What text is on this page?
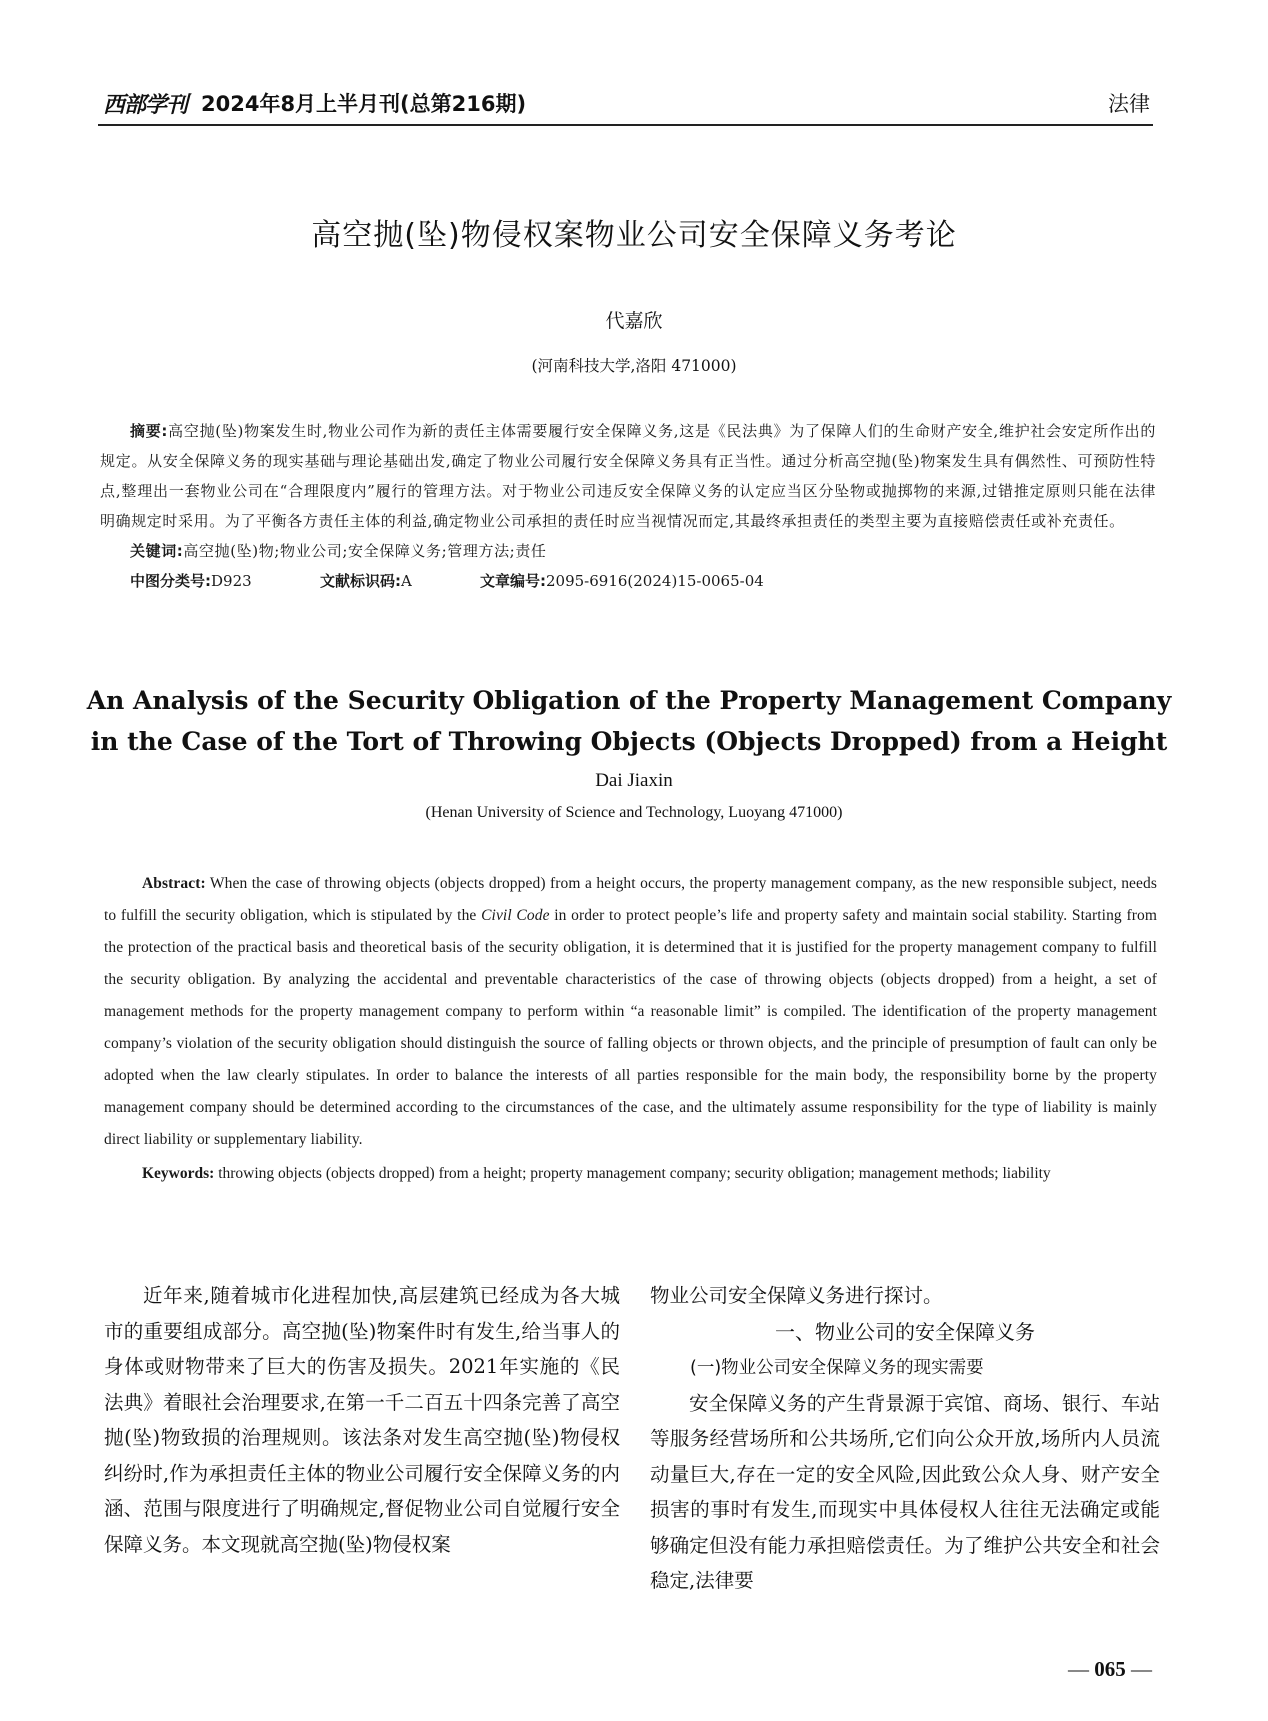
西部学刊 2024年8月上半月刊(总第216期)	法律
高空抛(坠)物侵权案物业公司安全保障义务考论
代嘉欣
(河南科技大学,洛阳 471000)

摘要:高空抛(坠)物案发生时,物业公司作为新的责任主体需要履行安全保障义务,这是《民法典》为了保障人们的生命财产安全,维护社会安定所作出的规定。从安全保障义务的现实基础与理论基础出发,确定了物业公司履行安全保障义务具有正当性。通过分析高空抛(坠)物案发生具有偶然性、可预防性特点,整理出一套物业公司在“合理限度内”履行的管理方法。对于物业公司违反安全保障义务的认定应当区分坠物或抛掷物的来源,过错推定原则只能在法律明确规定时采用。为了平衡各方责任主体的利益,确定物业公司承担的责任时应当视情况而定,其最终承担责任的类型主要为直接赔偿责任或补充责任。

关键词:高空抛(坠)物;物业公司;安全保障义务;管理方法;责任

中图分类号:D923	文献标识码:A	文章编号:2095-6916(2024)15-0065-04

An Analysis of the Security Obligation of the Property Management Company
in the Case of the Tort of Throwing Objects (Objects Dropped) from a Height
Dai Jiaxin
(Henan University of Science and Technology, Luoyang 471000)

Abstract: When the case of throwing objects (objects dropped) from a height occurs, the property management company, as the new responsible subject, needs to fulfill the security obligation, which is stipulated by the Civil Code in order to protect people’s life and property safety and maintain social stability. Starting from the protection of the practical basis and theoretical basis of the security obligation, it is determined that it is justified for the property management company to fulfill the security obligation. By analyzing the accidental and preventable characteristics of the case of throwing objects (objects dropped) from a height, a set of management methods for the property management company to perform within “a reasonable limit” is compiled. The identification of the property management company’s violation of the security obligation should distinguish the source of falling objects or thrown objects, and the principle of presumption of fault can only be adopted when the law clearly stipulates. In order to balance the interests of all parties responsible for the main body, the responsibility borne by the property management company should be determined according to the circumstances of the case, and the ultimately assume responsibility for the type of liability is mainly direct liability or supplementary liability.

Keywords: throwing objects (objects dropped) from a height; property management company; security obligation; management methods; liability

近年来,随着城市化进程加快,高层建筑已经成为各大城市的重要组成部分。高空抛(坠)物案件时有发生,给当事人的身体或财物带来了巨大的伤害及损失。2021年实施的《民法典》着眼社会治理要求,在第一千二百五十四条完善了高空抛(坠)物致损的治理规则。该法条对发生高空抛(坠)物侵权纠纷时,作为承担责任主体的物业公司履行安全保障义务的内涵、范围与限度进行了明确规定,督促物业公司自觉履行安全保障义务。本文现就高空抛(坠)物侵权案

物业公司安全保障义务进行探讨。

一、物业公司的安全保障义务

(一)物业公司安全保障义务的现实需要

安全保障义务的产生背景源于宾馆、商场、银行、车站等服务经营场所和公共场所,它们向公众开放,场所内人员流动量巨大,存在一定的安全风险,因此致公众人身、财产安全损害的事时有发生,而现实中具体侵权人往往无法确定或能够确定但没有能力承担赔偿责任。为了维护公共安全和社会稳定,法律要

— 065 —
